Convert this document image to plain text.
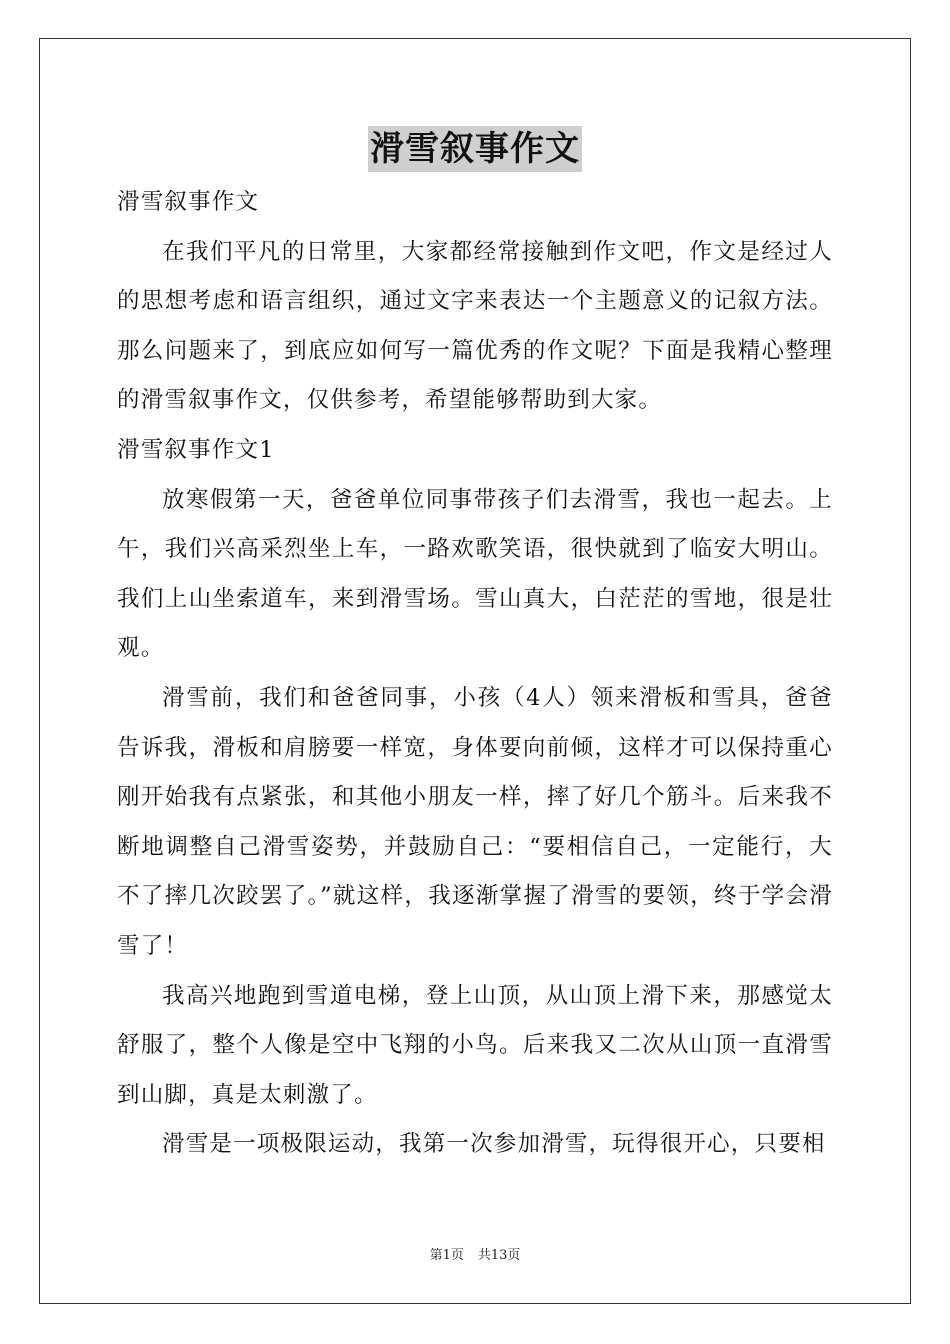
滑雪叙事作文

滑雪叙事作文

在我们平凡的日常里，大家都经常接触到作文吧，作文是经过人的思想考虑和语言组织，通过文字来表达一个主题意义的记叙方法。那么问题来了，到底应如何写一篇优秀的作文呢？下面是我精心整理的滑雪叙事作文，仅供参考，希望能够帮助到大家。

滑雪叙事作文1

放寒假第一天，爸爸单位同事带孩子们去滑雪，我也一起去。上午，我们兴高采烈坐上车，一路欢歌笑语，很快就到了临安大明山。我们上山坐索道车，来到滑雪场。雪山真大，白茫茫的雪地，很是壮观。

滑雪前，我们和爸爸同事，小孩（4人）领来滑板和雪具，爸爸告诉我，滑板和肩膀要一样宽，身体要向前倾，这样才可以保持重心刚开始我有点紧张，和其他小朋友一样，摔了好几个筋斗。后来我不断地调整自己滑雪姿势，并鼓励自己：“要相信自己，一定能行，大不了摔几次跤罢了。”就这样，我逐渐掌握了滑雪的要领，终于学会滑雪了！

我高兴地跑到雪道电梯，登上山顶，从山顶上滑下来，那感觉太舒服了，整个人像是空中飞翔的小鸟。后来我又二次从山顶一直滑雪到山脚，真是太刺激了。

滑雪是一项极限运动，我第一次参加滑雪，玩得很开心，只要相

第1页 共13页
